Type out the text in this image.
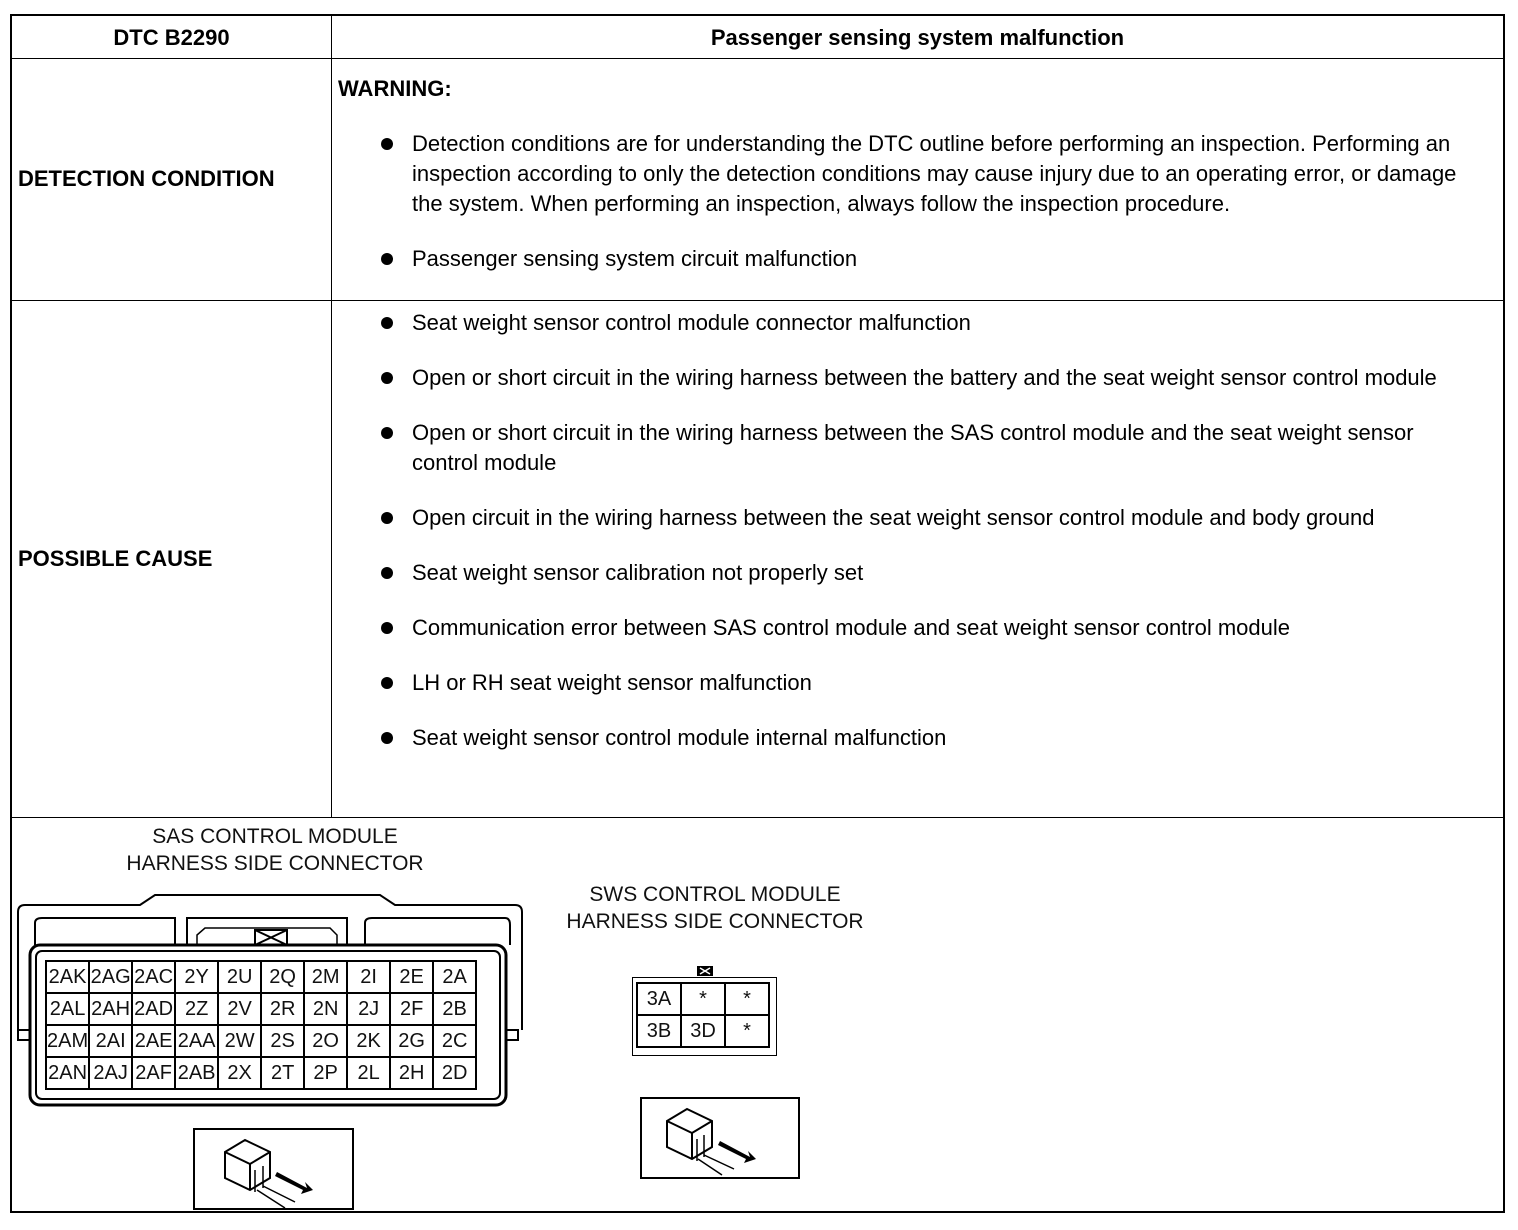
DTC B2290	Passenger sensing system malfunction
DETECTION CONDITION
WARNING:
Detection conditions are for understanding the DTC outline before performing an inspection. Performing an inspection according to only the detection conditions may cause injury due to an operating error, or damage the system. When performing an inspection, always follow the inspection procedure.
Passenger sensing system circuit malfunction
POSSIBLE CAUSE
Seat weight sensor control module connector malfunction
Open or short circuit in the wiring harness between the battery and the seat weight sensor control module
Open or short circuit in the wiring harness between the SAS control module and the seat weight sensor control module
Open circuit in the wiring harness between the seat weight sensor control module and body ground
Seat weight sensor calibration not properly set
Communication error between SAS control module and seat weight sensor control module
LH or RH seat weight sensor malfunction
Seat weight sensor control module internal malfunction
SAS CONTROL MODULE
HARNESS SIDE CONNECTOR
2AK	2AG	2AC	2Y	2U	2Q	2M	2I	2E	2A
2AL	2AH	2AD	2Z	2V	2R	2N	2J	2F	2B
2AM	2AI	2AE	2AA	2W	2S	2O	2K	2G	2C
2AN	2AJ	2AF	2AB	2X	2T	2P	2L	2H	2D
SWS CONTROL MODULE
HARNESS SIDE CONNECTOR
3A	*	*
3B	3D	*
